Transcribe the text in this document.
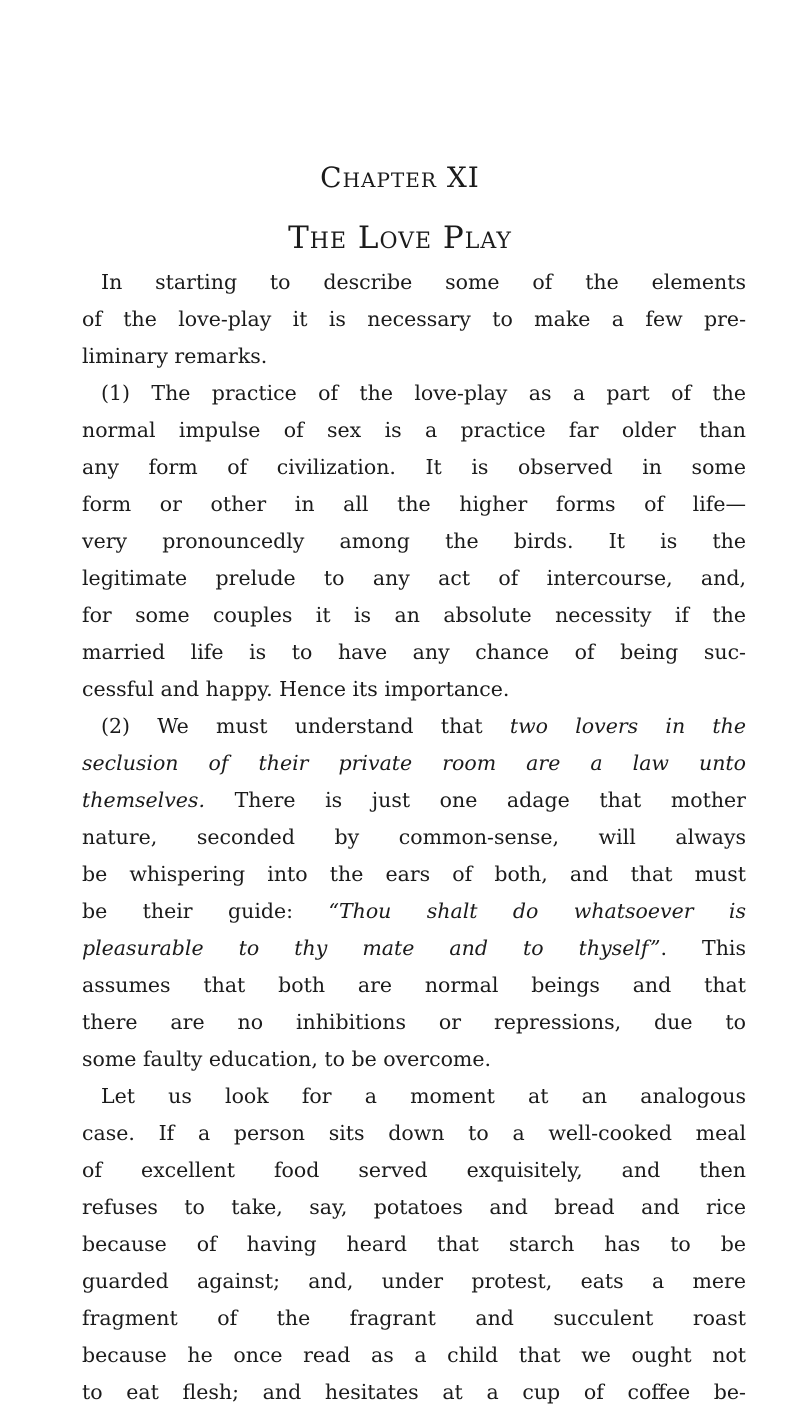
Chapter XI
The Love Play
In starting to describe some of the elements
of the love-play it is necessary to make a few pre-
liminary remarks.
(1) The practice of the love-play as a part of the
normal impulse of sex is a practice far older than
any form of civilization. It is observed in some
form or other in all the higher forms of life—
very pronouncedly among the birds. It is the
legitimate prelude to any act of intercourse, and,
for some couples it is an absolute necessity if the
married life is to have any chance of being suc-
cessful and happy. Hence its importance.
(2) We must understand that two lovers in the
seclusion of their private room are a law unto
themselves. There is just one adage that mother
nature, seconded by common-sense, will always
be whispering into the ears of both, and that must
be their guide: “Thou shalt do whatsoever is
pleasurable to thy mate and to thyself”. This
assumes that both are normal beings and that
there are no inhibitions or repressions, due to
some faulty education, to be overcome.
Let us look for a moment at an analogous
case. If a person sits down to a well-cooked meal
of excellent food served exquisitely, and then
refuses to take, say, potatoes and bread and rice
because of having heard that starch has to be
guarded against; and, under protest, eats a mere
fragment of the fragrant and succulent roast
because he once read as a child that we ought not
to eat flesh; and hesitates at a cup of coffee be-
